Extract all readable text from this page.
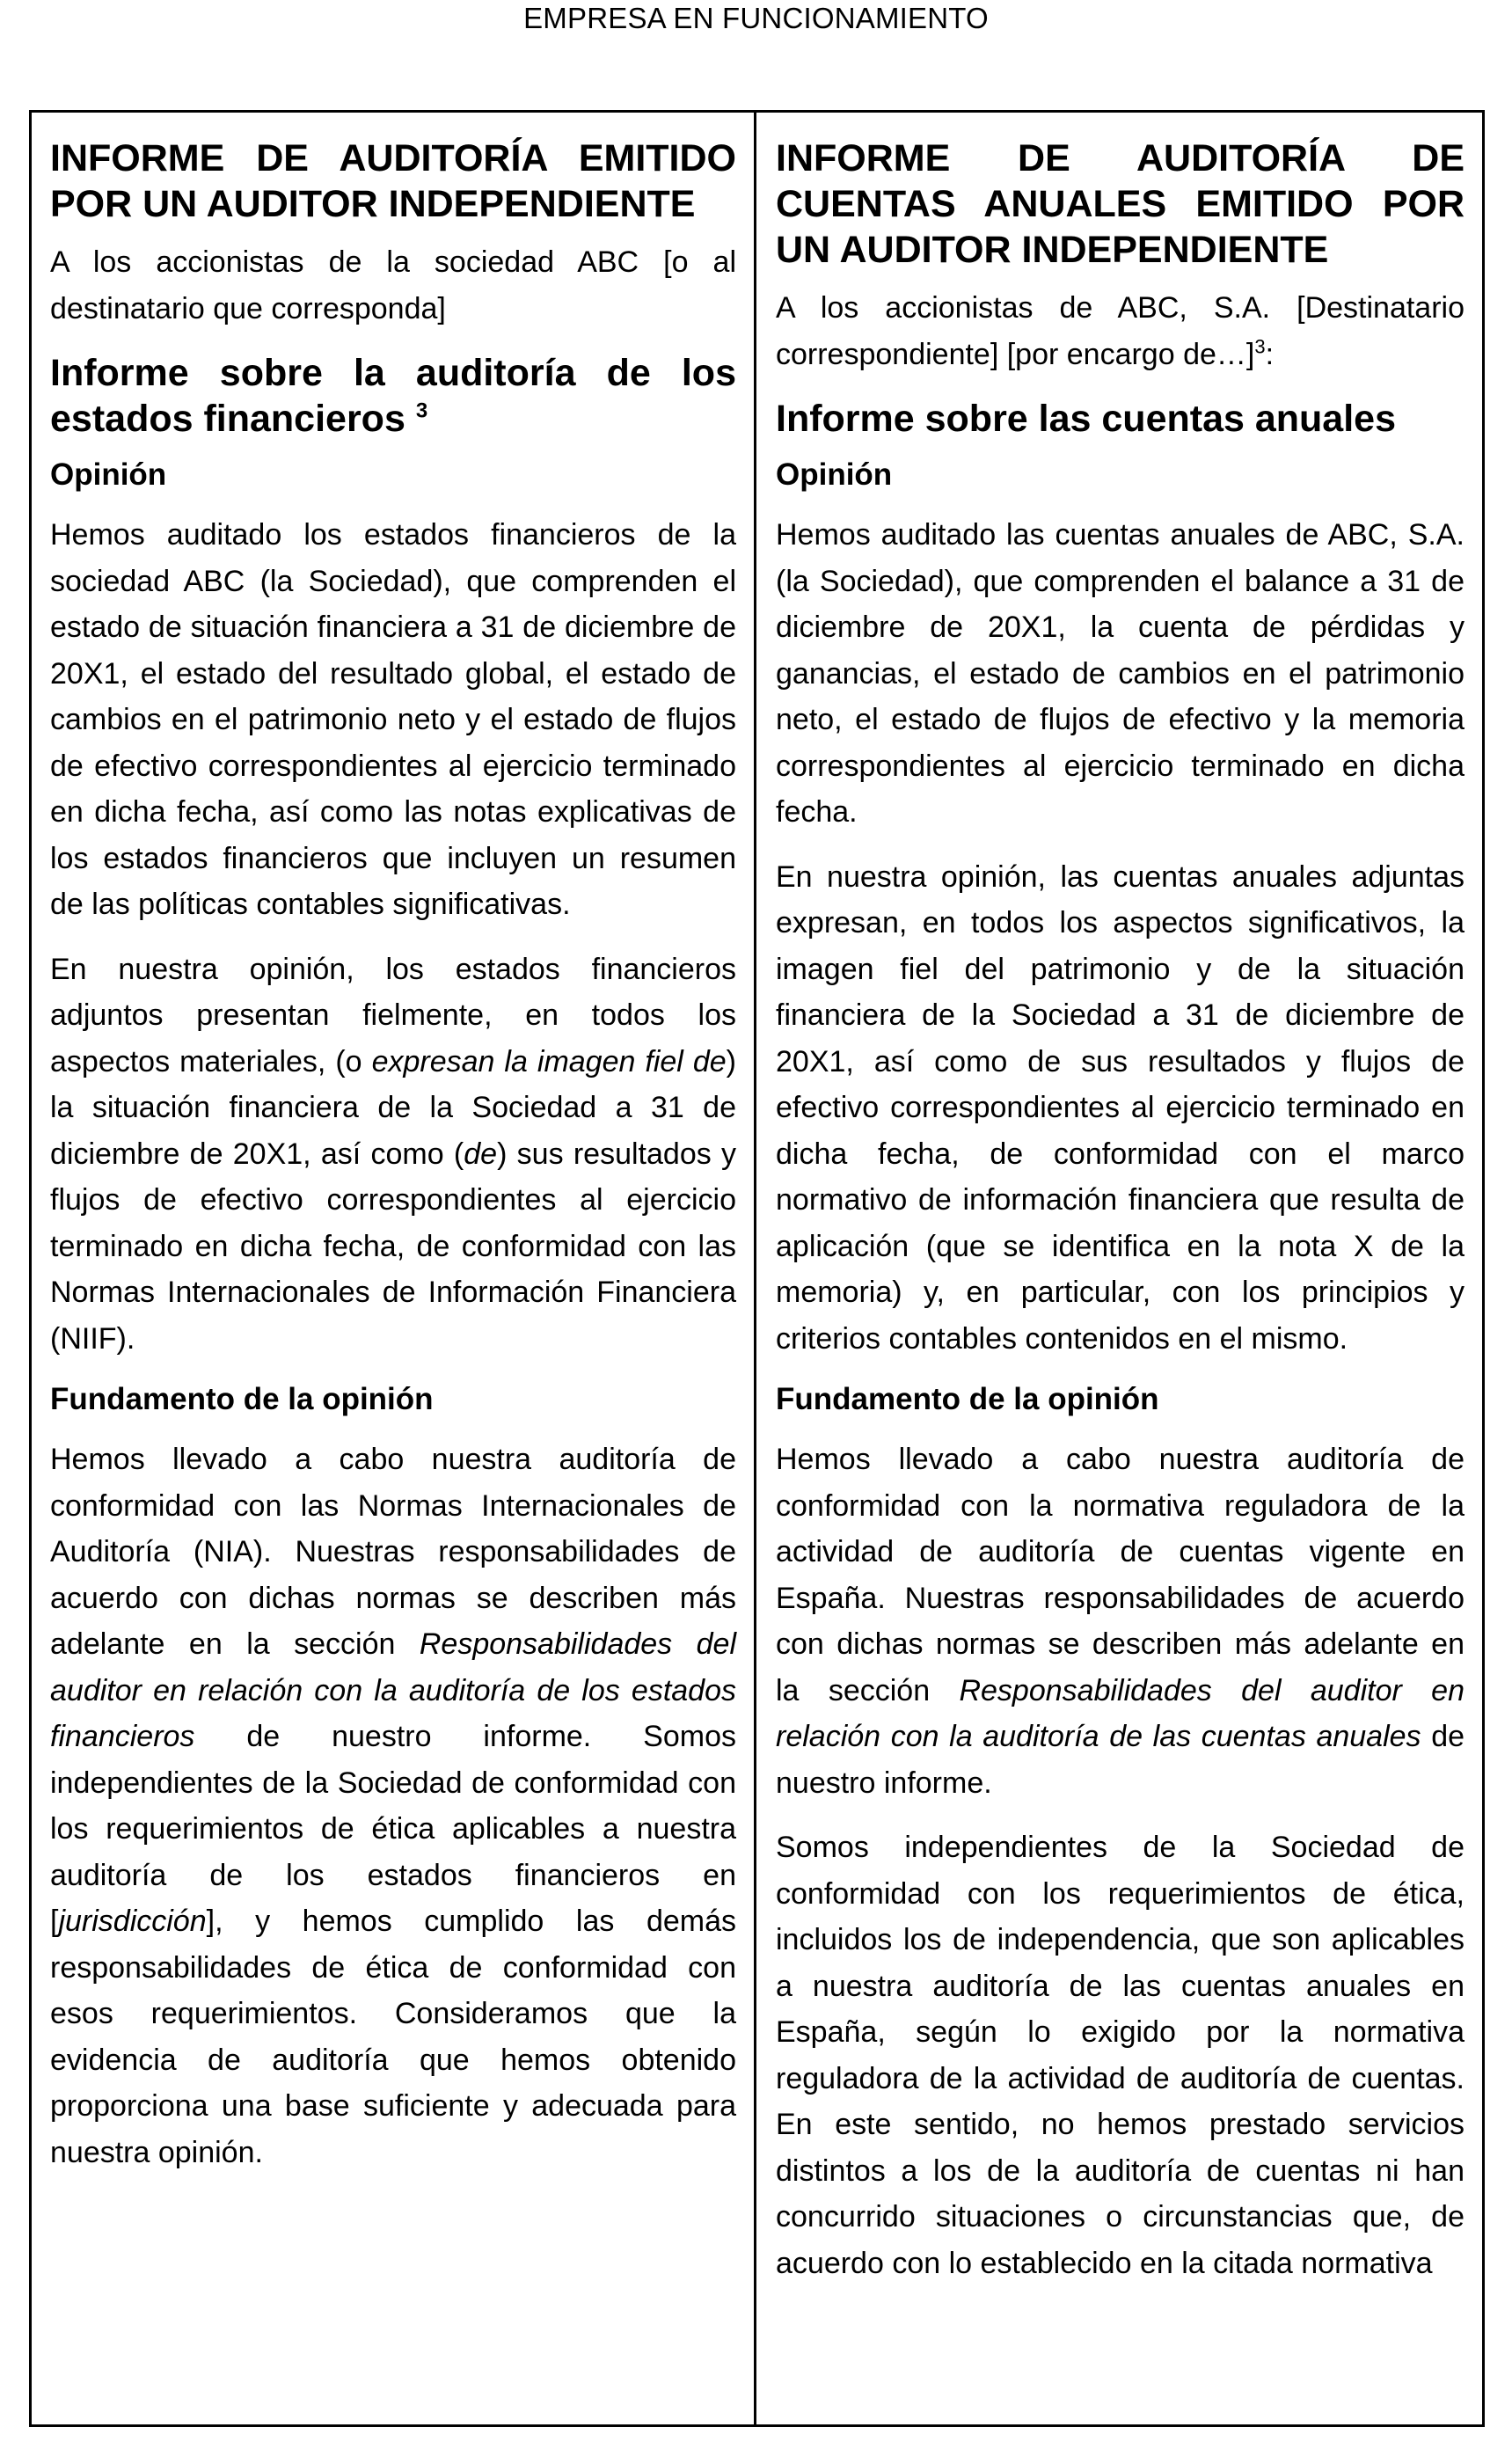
EMPRESA EN FUNCIONAMIENTO
INFORME DE AUDITORÍA EMITIDO POR UN AUDITOR INDEPENDIENTE

A los accionistas de la sociedad ABC [o al destinatario que corresponda]

Informe sobre la auditoría de los estados financieros $^3$
Opinión

Hemos auditado los estados financieros de la sociedad ABC (la Sociedad), que comprenden el estado de situación financiera a 31 de diciembre de 20X1, el estado del resultado global, el estado de cambios en el patrimonio neto y el estado de flujos de efectivo correspondientes al ejercicio terminado en dicha fecha, así como las notas explicativas de los estados financieros que incluyen un resumen de las políticas contables significativas.

En nuestra opinión, los estados financieros adjuntos presentan fielmente, en todos los aspectos materiales, (o expresan la imagen fiel de) la situación financiera de la Sociedad a 31 de diciembre de 20X1, así como (de) sus resultados y flujos de efectivo correspondientes al ejercicio terminado en dicha fecha, de conformidad con las Normas Internacionales de Información Financiera (NIIF).

Fundamento de la opinión

Hemos llevado a cabo nuestra auditoría de conformidad con las Normas Internacionales de Auditoría (NIA). Nuestras responsabilidades de acuerdo con dichas normas se describen más adelante en la sección Responsabilidades del auditor en relación con la auditoría de los estados financieros de nuestro informe. Somos independientes de la Sociedad de conformidad con los requerimientos de ética aplicables a nuestra auditoría de los estados financieros en [jurisdicción], y hemos cumplido las demás responsabilidades de ética de conformidad con esos requerimientos. Consideramos que la evidencia de auditoría que hemos obtenido proporciona una base suficiente y adecuada para nuestra opinión.

INFORME DE AUDITORÍA DE CUENTAS ANUALES EMITIDO POR UN AUDITOR INDEPENDIENTE

A los accionistas de ABC, S.A. [Destinatario correspondiente] [por encargo de…]$^3$:

Informe sobre las cuentas anuales
Opinión

Hemos auditado las cuentas anuales de ABC, S.A. (la Sociedad), que comprenden el balance a 31 de diciembre de 20X1, la cuenta de pérdidas y ganancias, el estado de cambios en el patrimonio neto, el estado de flujos de efectivo y la memoria correspondientes al ejercicio terminado en dicha fecha.

En nuestra opinión, las cuentas anuales adjuntas expresan, en todos los aspectos significativos, la imagen fiel del patrimonio y de la situación financiera de la Sociedad a 31 de diciembre de 20X1, así como de sus resultados y flujos de efectivo correspondientes al ejercicio terminado en dicha fecha, de conformidad con el marco normativo de información financiera que resulta de aplicación (que se identifica en la nota X de la memoria) y, en particular, con los principios y criterios contables contenidos en el mismo.

Fundamento de la opinión

Hemos llevado a cabo nuestra auditoría de conformidad con la normativa reguladora de la actividad de auditoría de cuentas vigente en España. Nuestras responsabilidades de acuerdo con dichas normas se describen más adelante en la sección Responsabilidades del auditor en relación con la auditoría de las cuentas anuales de nuestro informe.

Somos independientes de la Sociedad de conformidad con los requerimientos de ética, incluidos los de independencia, que son aplicables a nuestra auditoría de las cuentas anuales en España, según lo exigido por la normativa reguladora de la actividad de auditoría de cuentas. En este sentido, no hemos prestado servicios distintos a los de la auditoría de cuentas ni han concurrido situaciones o circunstancias que, de acuerdo con lo establecido en la citada normativa
